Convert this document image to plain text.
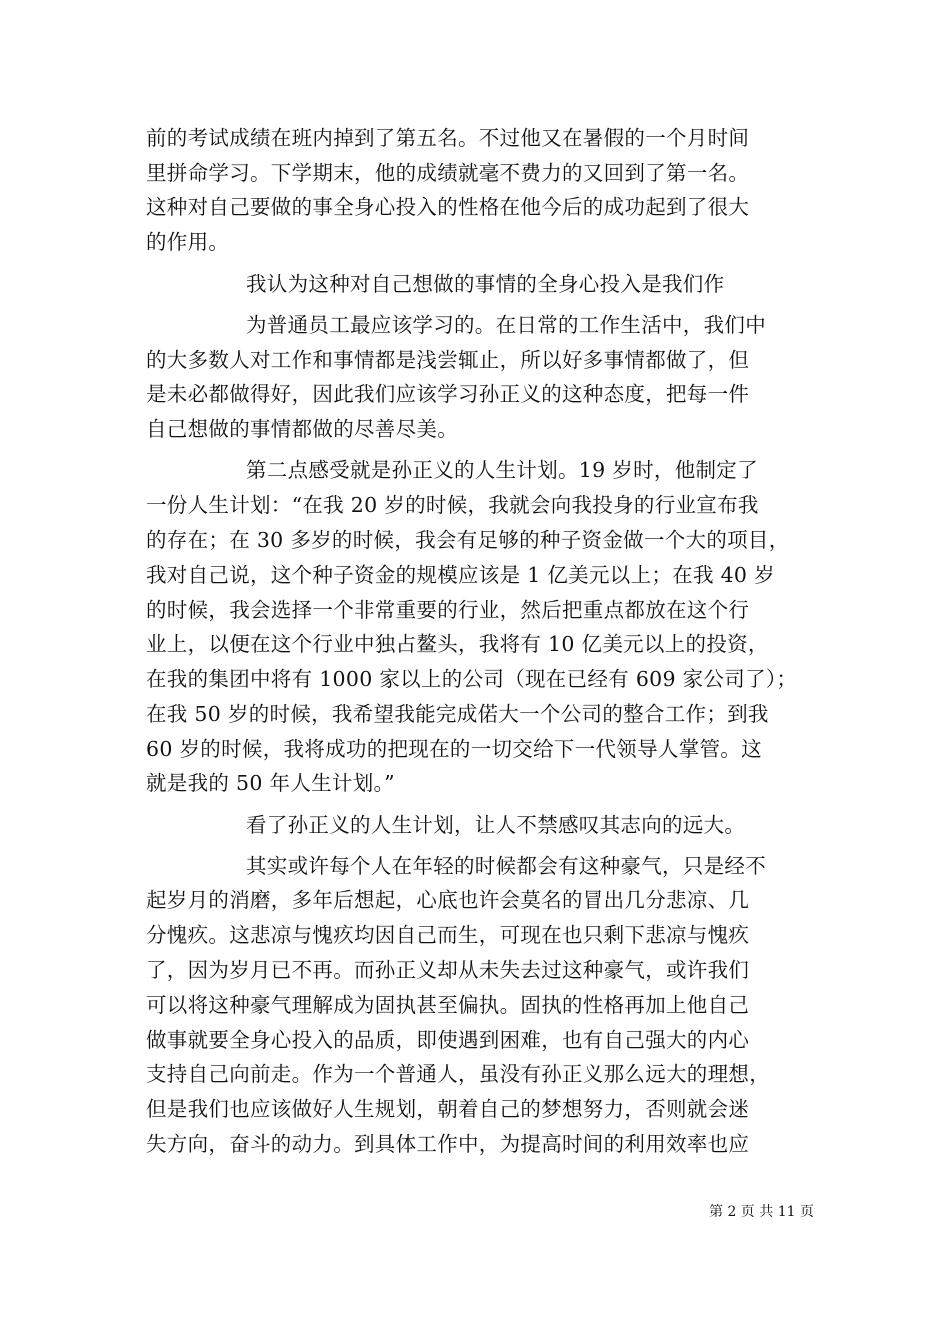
前的考试成绩在班内掉到了第五名。不过他又在暑假的一个月时间
里拼命学习。下学期末，他的成绩就毫不费力的又回到了第一名。
这种对自己要做的事全身心投入的性格在他今后的成功起到了很大
的作用。
我认为这种对自己想做的事情的全身心投入是我们作
为普通员工最应该学习的。在日常的工作生活中，我们中
的大多数人对工作和事情都是浅尝辄止，所以好多事情都做了，但
是未必都做得好，因此我们应该学习孙正义的这种态度，把每一件
自己想做的事情都做的尽善尽美。
第二点感受就是孙正义的人生计划。19 岁时，他制定了
一份人生计划：“在我 20 岁的时候，我就会向我投身的行业宣布我
的存在；在 30 多岁的时候，我会有足够的种子资金做一个大的项目，
我对自己说，这个种子资金的规模应该是 1 亿美元以上；在我 40 岁
的时候，我会选择一个非常重要的行业，然后把重点都放在这个行
业上，以便在这个行业中独占鳌头，我将有 10 亿美元以上的投资，
在我的集团中将有 1000 家以上的公司（现在已经有 609 家公司了）；
在我 50 岁的时候，我希望我能完成偌大一个公司的整合工作；到我
60 岁的时候，我将成功的把现在的一切交给下一代领导人掌管。这
就是我的 50 年人生计划。”
看了孙正义的人生计划，让人不禁感叹其志向的远大。
其实或许每个人在年轻的时候都会有这种豪气，只是经不
起岁月的消磨，多年后想起，心底也许会莫名的冒出几分悲凉、几
分愧疚。这悲凉与愧疚均因自己而生，可现在也只剩下悲凉与愧疚
了，因为岁月已不再。而孙正义却从未失去过这种豪气，或许我们
可以将这种豪气理解成为固执甚至偏执。固执的性格再加上他自己
做事就要全身心投入的品质，即使遇到困难，也有自己强大的内心
支持自己向前走。作为一个普通人，虽没有孙正义那么远大的理想，
但是我们也应该做好人生规划，朝着自己的梦想努力，否则就会迷
失方向，奋斗的动力。到具体工作中，为提高时间的利用效率也应
第 2 页 共 11 页
